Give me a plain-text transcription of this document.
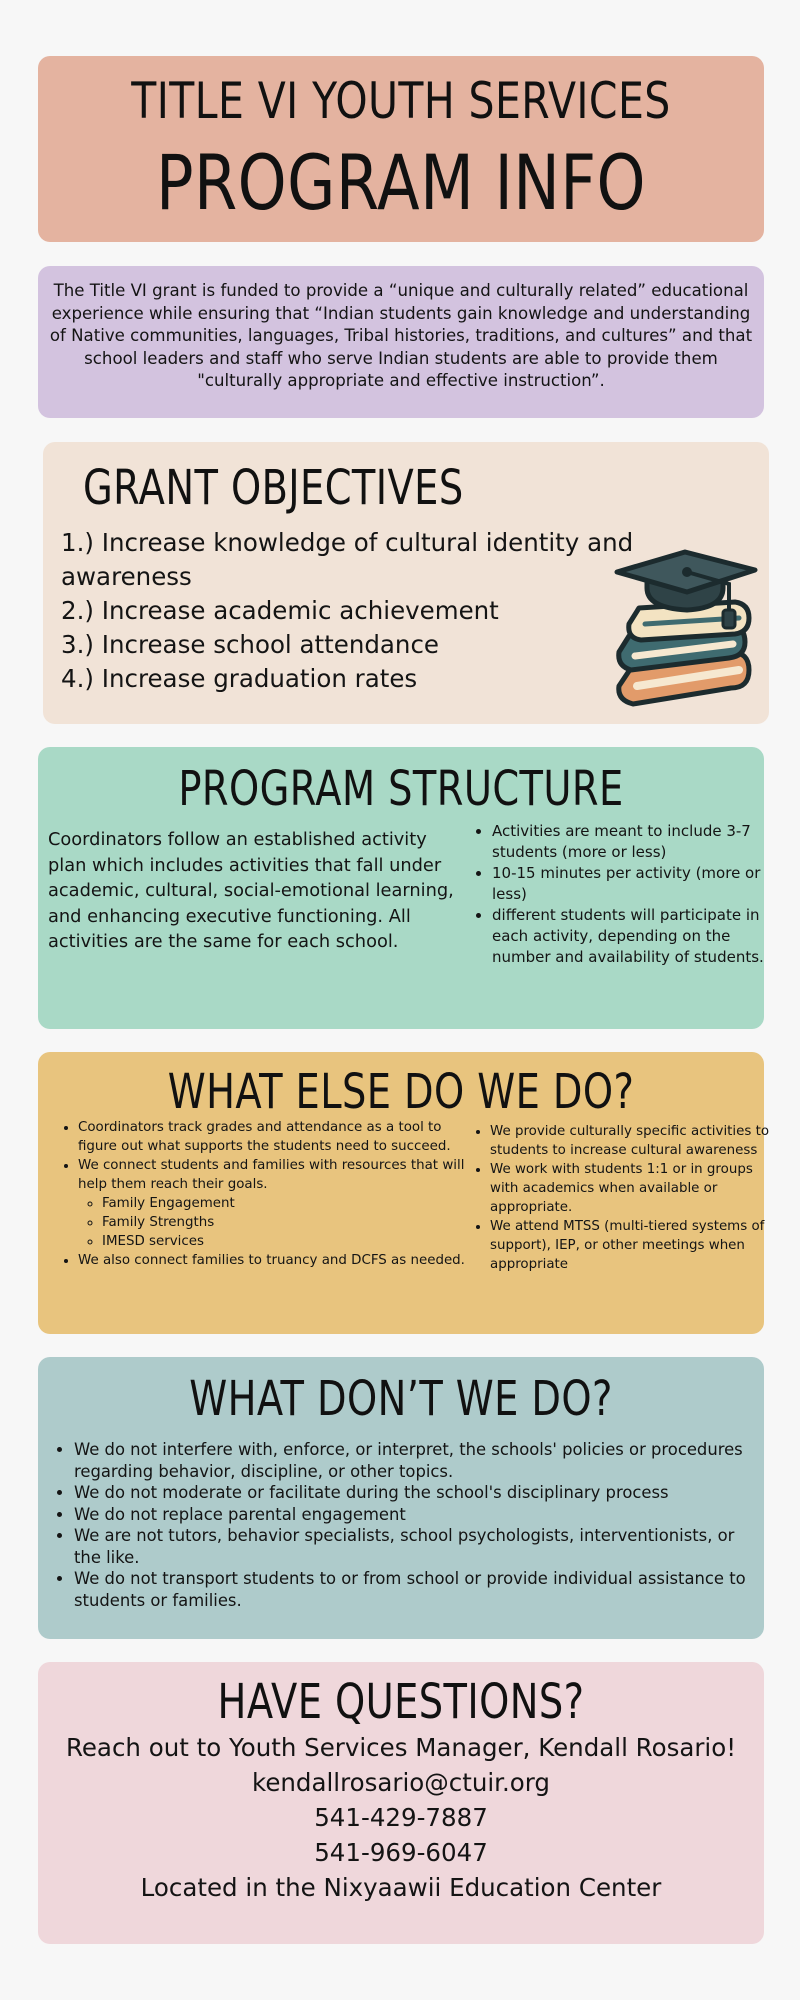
TITLE VI YOUTH SERVICES
PROGRAM INFO

The Title VI grant is funded to provide a “unique and culturally related” educational experience while ensuring that “Indian students gain knowledge and understanding of Native communities, languages, Tribal histories, traditions, and cultures” and that school leaders and staff who serve Indian students are able to provide them "culturally appropriate and effective instruction”.

GRANT OBJECTIVES
1.) Increase knowledge of cultural identity and awareness
2.) Increase academic achievement
3.) Increase school attendance
4.) Increase graduation rates
PROGRAM STRUCTURE

Coordinators follow an established activity plan which includes activities that fall under academic, cultural, social-emotional learning, and enhancing executive functioning. All activities are the same for each school.

• Activities are meant to include 3-7 students (more or less)
• 10-15 minutes per activity (more or less)
• different students will participate in each activity, depending on the number and availability of students.
WHAT ELSE DO WE DO?
• Coordinators track grades and attendance as a tool to figure out what supports the students need to succeed.
• We connect students and families with resources that will help them reach their goals.
◦ Family Engagement
◦ Family Strengths
◦ IMESD services
• We also connect families to truancy and DCFS as needed.
• We provide culturally specific activities to students to increase cultural awareness
• We work with students 1:1 or in groups with academics when available or appropriate.
• We attend MTSS (multi-tiered systems of support), IEP, or other meetings when appropriate
WHAT DON’T WE DO?
• We do not interfere with, enforce, or interpret, the schools' policies or procedures regarding behavior, discipline, or other topics.
• We do not moderate or facilitate during the school's disciplinary process
• We do not replace parental engagement
• We are not tutors, behavior specialists, school psychologists, interventionists, or the like.
• We do not transport students to or from school or provide individual assistance to students or families.
HAVE QUESTIONS?
Reach out to Youth Services Manager, Kendall Rosario!
kendallrosario@ctuir.org
541-429-7887
541-969-6047
Located in the Nixyaawii Education Center
